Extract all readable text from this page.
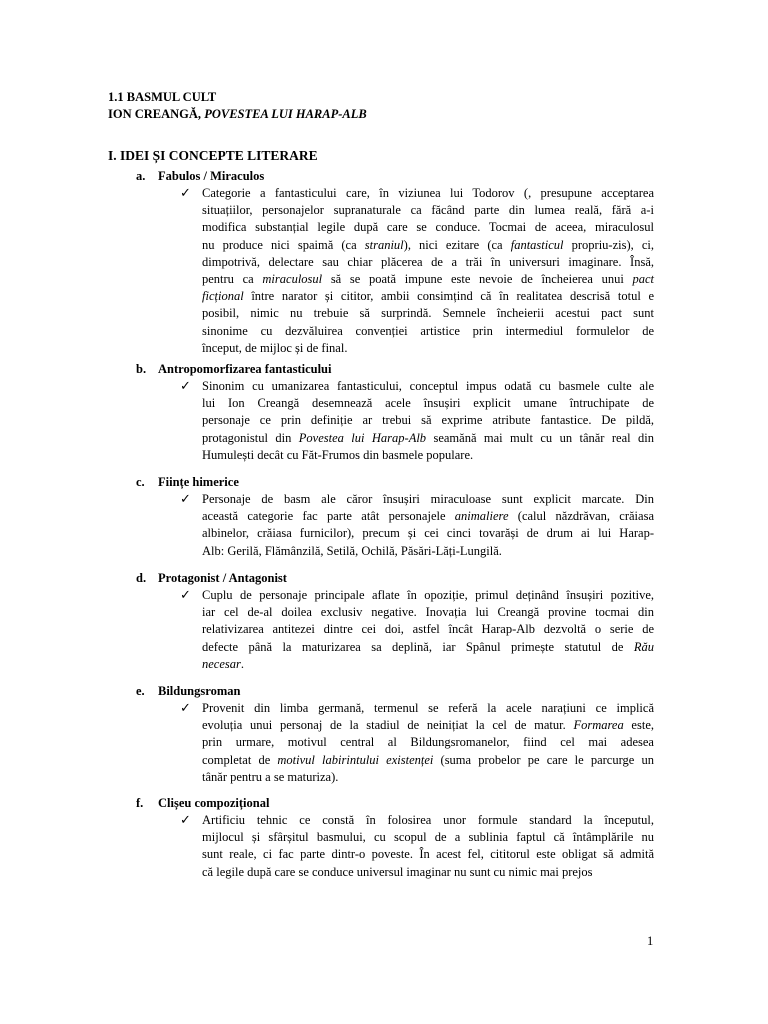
1.1 BASMUL CULT
ION CREANGĂ, POVESTEA LUI HARAP-ALB
I. IDEI ȘI CONCEPTE LITERARE
a. Fabulos / Miraculos
✓ Categorie a fantasticului care, în viziunea lui Todorov (, presupune acceptarea
situațiilor, personajelor supranaturale ca făcând parte din lumea reală, fără a-i
modifica substanțial legile după care se conduce. Tocmai de aceea, miraculosul
nu produce nici spaimă (ca straniul), nici ezitare (ca fantasticul propriu-zis), ci,
dimpotrivă, delectare sau chiar plăcerea de a trăi în universuri imaginare. Însă,
pentru ca miraculosul să se poată impune este nevoie de încheierea unui pact
ficțional între narator și cititor, ambii consimțind că în realitatea descrisă totul e
posibil, nimic nu trebuie să surprindă. Semnele încheierii acestui pact sunt
sinonime cu dezvăluirea convenției artistice prin intermediul formulelor de
început, de mijloc și de final.
b. Antropomorfizarea fantasticului
✓ Sinonim cu umanizarea fantasticului, conceptul impus odată cu basmele culte ale
lui Ion Creangă desemnează acele însușiri explicit umane întruchipate de
personaje ce prin definiție ar trebui să exprime atribute fantastice. De pildă,
protagonistul din Povestea lui Harap-Alb seamănă mai mult cu un tânăr real din
Humulești decât cu Făt-Frumos din basmele populare.
c. Ființe himerice
✓ Personaje de basm ale căror însușiri miraculoase sunt explicit marcate. Din
această categorie fac parte atât personajele animaliere (calul năzdrăvan, crăiasa
albinelor, crăiasa furnicilor), precum și cei cinci tovarăși de drum ai lui Harap-
Alb: Gerilă, Flămânzilă, Setilă, Ochilă, Păsări-Lăți-Lungilă.
d. Protagonist / Antagonist
✓ Cuplu de personaje principale aflate în opoziție, primul deținând însușiri pozitive,
iar cel de-al doilea exclusiv negative. Inovația lui Creangă provine tocmai din
relativizarea antitezei dintre cei doi, astfel încât Harap-Alb dezvoltă o serie de
defecte până la maturizarea sa deplină, iar Spânul primește statutul de Rău
necesar.
e. Bildungsroman
✓ Provenit din limba germană, termenul se referă la acele narațiuni ce implică
evoluția unui personaj de la stadiul de neinițiat la cel de matur. Formarea este,
prin urmare, motivul central al Bildungsromanelor, fiind cel mai adesea
completat de motivul labirintului existenței (suma probelor pe care le parcurge un
tânăr pentru a se maturiza).
f. Clișeu compozițional
✓ Artificiu tehnic ce constă în folosirea unor formule standard la începutul,
mijlocul și sfârșitul basmului, cu scopul de a sublinia faptul că întâmplările nu
sunt reale, ci fac parte dintr-o poveste. În acest fel, cititorul este obligat să admită
că legile după care se conduce universul imaginar nu sunt cu nimic mai prejos
1
